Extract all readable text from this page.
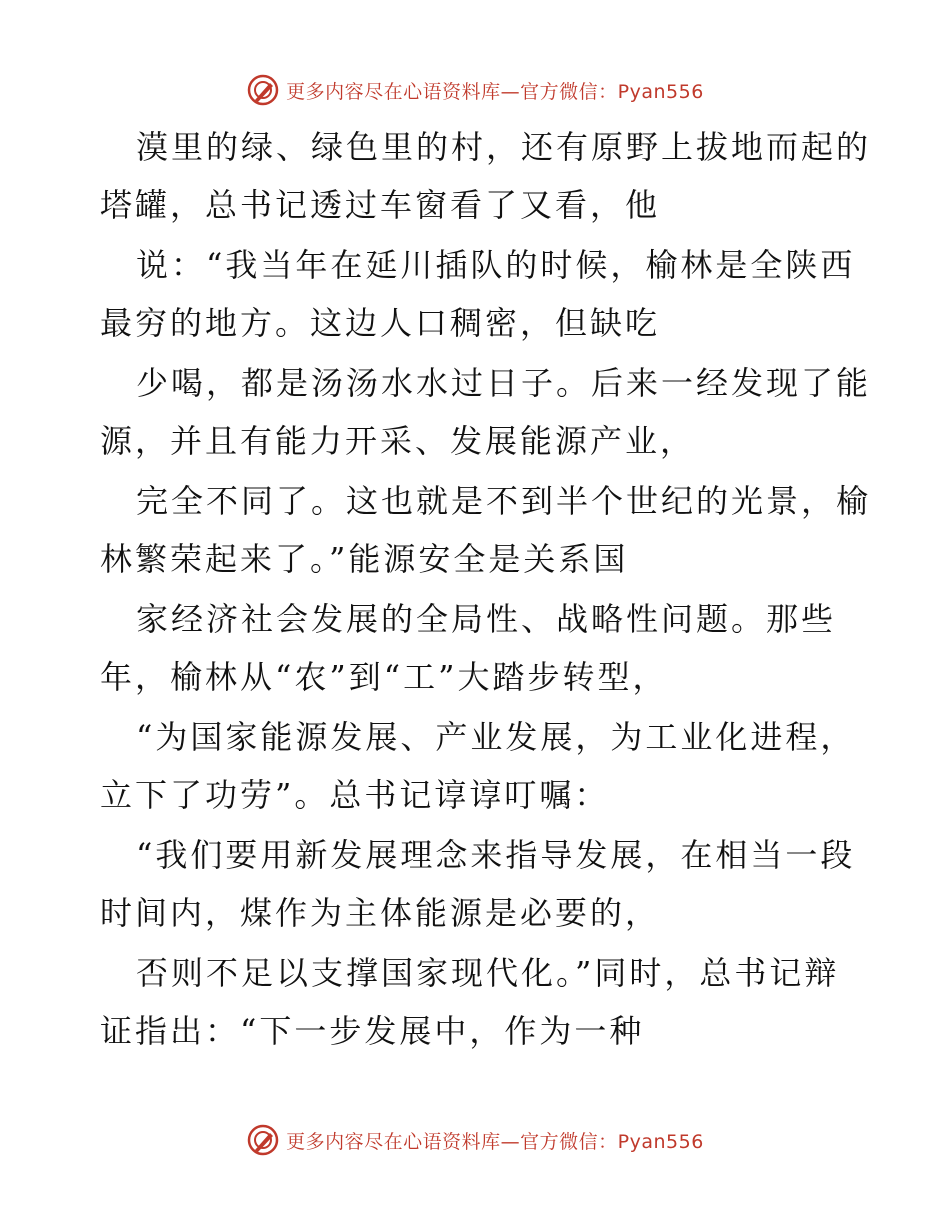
更多内容尽在心语资料库—官方微信：Pyan556
漠里的绿、绿色里的村，还有原野上拔地而起的
塔罐，总书记透过车窗看了又看，他
说：“我当年在延川插队的时候，榆林是全陕西
最穷的地方。这边人口稠密，但缺吃
少喝，都是汤汤水水过日子。后来一经发现了能
源，并且有能力开采、发展能源产业，
完全不同了。这也就是不到半个世纪的光景，榆
林繁荣起来了。”能源安全是关系国
家经济社会发展的全局性、战略性问题。那些
年，榆林从“农”到“工”大踏步转型，
“为国家能源发展、产业发展，为工业化进程，
立下了功劳”。总书记谆谆叮嘱：
“我们要用新发展理念来指导发展，在相当一段
时间内，煤作为主体能源是必要的，
否则不足以支撑国家现代化。”同时，总书记辩
证指出：“下一步发展中，作为一种
更多内容尽在心语资料库—官方微信：Pyan556
